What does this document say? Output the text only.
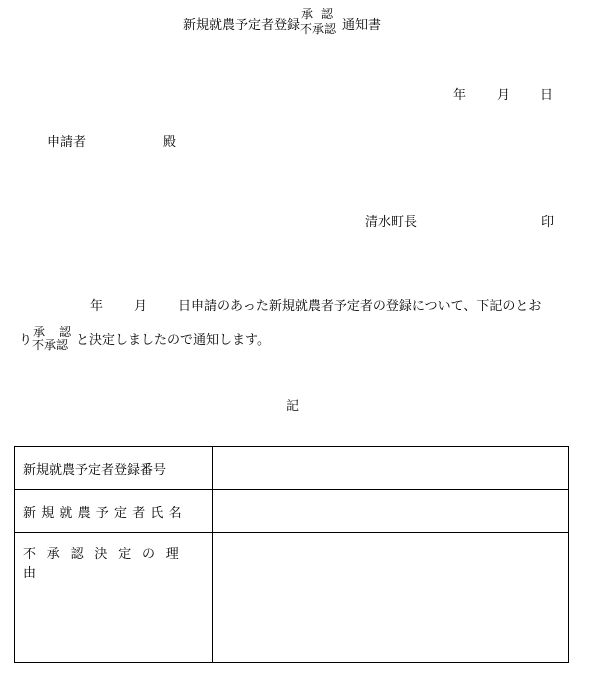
新規就農予定者登録
承 認
不承認 通知書
年 月 日
申請者	殿
清水町長	印
年 月 日申請のあった新規就農者予定者の登録について、下記のとお
り
承 認
不承認 と決定しましたので通知します。
記
新規就農予定者登録番号	
新規就農予定者氏名	
不承認決定の理由	
